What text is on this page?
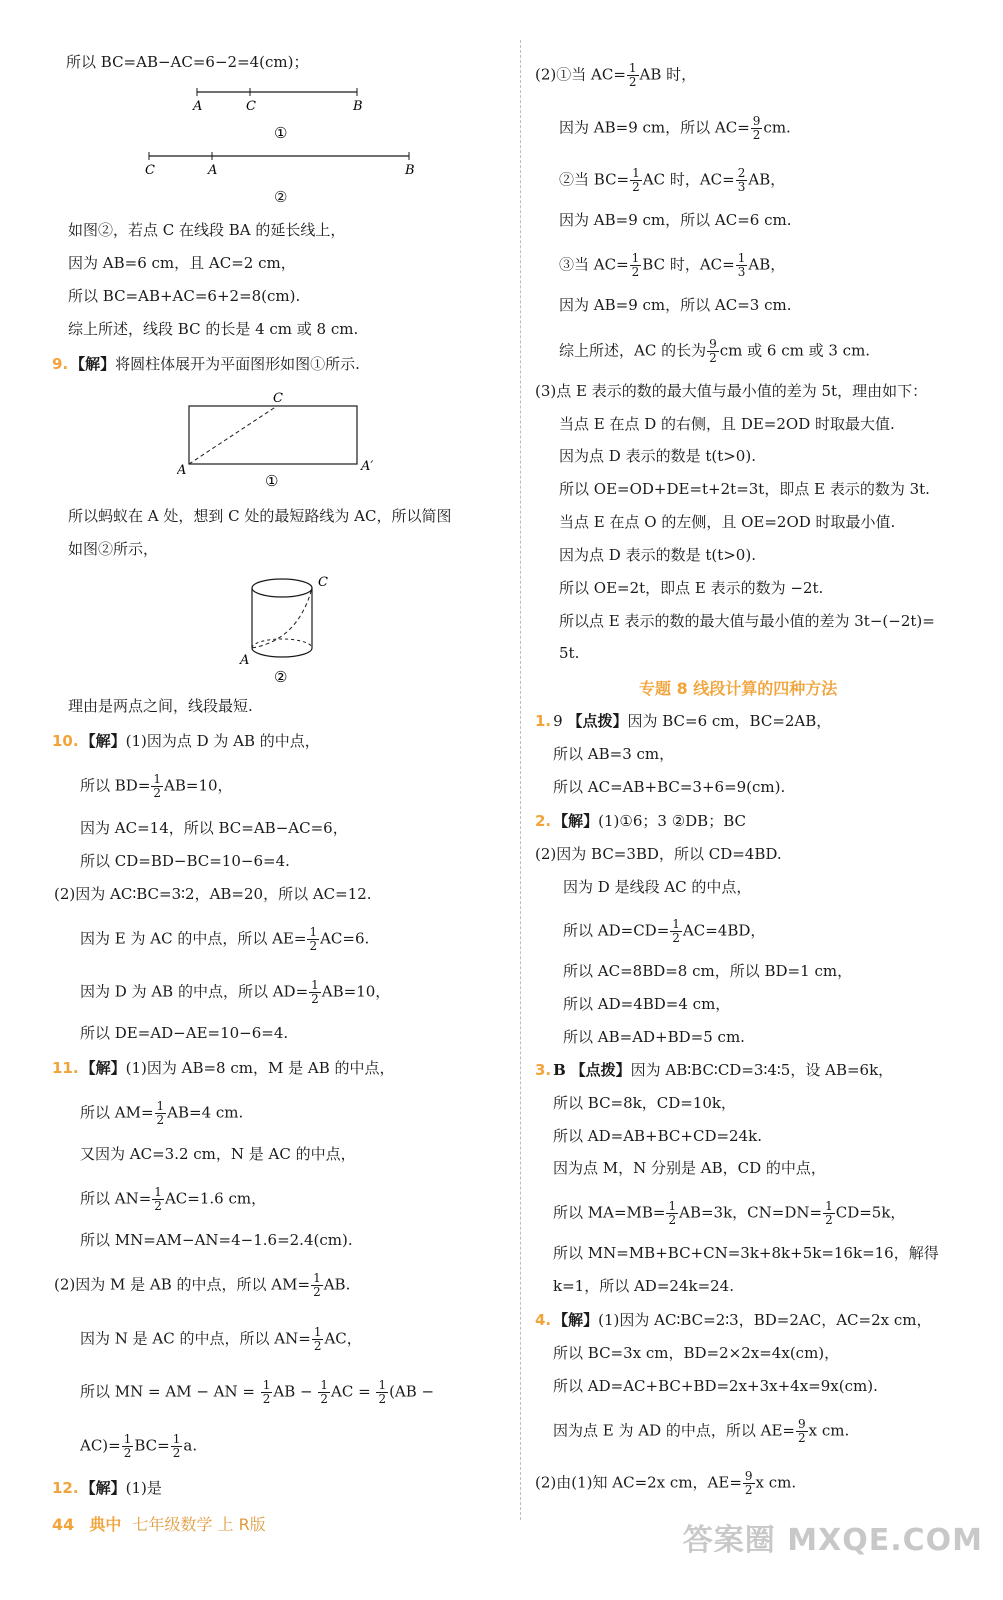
所以 BC=AB−AC=6−2=4(cm)；
A	C	B
①
C	A	B
②
如图②，若点 C 在线段 BA 的延长线上，
因为 AB=6 cm，且 AC=2 cm，
所以 BC=AB+AC=6+2=8(cm).
综上所述，线段 BC 的长是 4 cm 或 8 cm.
9. 【解】将圆柱体展开为平面图形如图①所示.
A	A′
C
①
所以蚂蚁在 A 处，想到 C 处的最短路线为 AC，所以简图
如图②所示，
A
C
②
理由是两点之间，线段最短.
10. 【解】(1)因为点 D 为 AB 的中点，
所以 $BD= \frac{1}{2} AB=10$，
因为 AC=14，所以 BC=AB−AC=6，
所以 CD=BD−BC=10−6=4.
(2)因为 AC∶BC=3∶2，AB=20，所以 AC=12.
因为 E 为 AC 的中点，所以 $AE= \frac{1}{2} AC=6$.
因为 D 为 AB 的中点，所以 $AD= \frac{1}{2} AB=10$，
所以 DE=AD−AE=10−6=4.
11. 【解】(1)因为 AB=8 cm，M 是 AB 的中点，
所以 $AM= \frac{1}{2} AB=4$ cm.
又因为 AC=3.2 cm，N 是 AC 的中点，
所以 $AN= \frac{1}{2} AC=1.6$ cm，
所以 MN=AM−AN=4−1.6=2.4(cm).
(2)因为 M 是 AB 的中点，所以 $AM= \frac{1}{2}$ AB.
因为 N 是 AC 的中点，所以 $AN= \frac{1}{2}$ AC，
所以 MN = AM − AN = $\frac{1}{2}$ AB − $\frac{1}{2}$ AC = $\frac{1}{2} (AB$ −
$AC)= \frac{1}{2} BC= \frac{1}{2} a$.
12. 【解】(1)是
(2)①当 $AC= \frac{1}{2}$ AB 时，
因为 AB=9 cm，所以 $AC= \frac{9}{2}$ cm.
②当 $BC= \frac{1}{2}$ AC 时，$AC= \frac{2}{3}$ AB，
因为 AB=9 cm，所以 AC=6 cm.
③当 $AC= \frac{1}{2}$ BC 时，$AC= \frac{1}{3}$ AB，
因为 AB=9 cm，所以 AC=3 cm.
综上所述，AC 的长为 $\frac{9}{2}$ cm 或 6 cm 或 3 cm.
(3)点 E 表示的数的最大值与最小值的差为 5t，理由如下：
当点 E 在点 D 的右侧，且 DE=2OD 时取最大值.
因为点 D 表示的数是 t(t>0).
所以 OE=OD+DE=t+2t=3t，即点 E 表示的数为 3t.
当点 E 在点 O 的左侧，且 OE=2OD 时取最小值.
因为点 D 表示的数是 t(t>0).
所以 OE=2t，即点 E 表示的数为 −2t.
所以点 E 表示的数的最大值与最小值的差为 3t−(−2t)=
5t.
专题 8 线段计算的四种方法
1. 9 【点拨】因为 BC=6 cm，BC=2AB，
所以 AB=3 cm，
所以 AC=AB+BC=3+6=9(cm).
2. 【解】(1)①6；3 ②DB；BC
(2)因为 BC=3BD，所以 CD=4BD.
因为 D 是线段 AC 的中点，
所以 $AD=CD= \frac{1}{2} AC=4BD$，
所以 AC=8BD=8 cm，所以 BD=1 cm，
所以 AD=4BD=4 cm，
所以 AB=AD+BD=5 cm.
3. B 【点拨】因为 AB∶BC∶CD=3∶4∶5，设 AB=6k，
所以 BC=8k，CD=10k，
所以 AD=AB+BC+CD=24k.
因为点 M，N 分别是 AB，CD 的中点，
所以 $MA=MB= \frac{1}{2} AB=3k$，$CN=DN= \frac{1}{2} CD=5k$，
所以 MN=MB+BC+CN=3k+8k+5k=16k=16，解得
k=1，所以 AD=24k=24.
4. 【解】(1)因为 AC∶BC=2∶3，BD=2AC，AC=2x cm，
所以 BC=3x cm，BD=2×2x=4x(cm)，
所以 AD=AC+BC+BD=2x+3x+4x=9x(cm).
因为点 E 为 AD 的中点，所以 $AE= \frac{9}{2}$ x cm.
(2)由(1)知 AC=2x cm，$AE= \frac{9}{2}$ x cm.
44 典中 七年级数学 上 R版	答案圈 MXQE.COM
